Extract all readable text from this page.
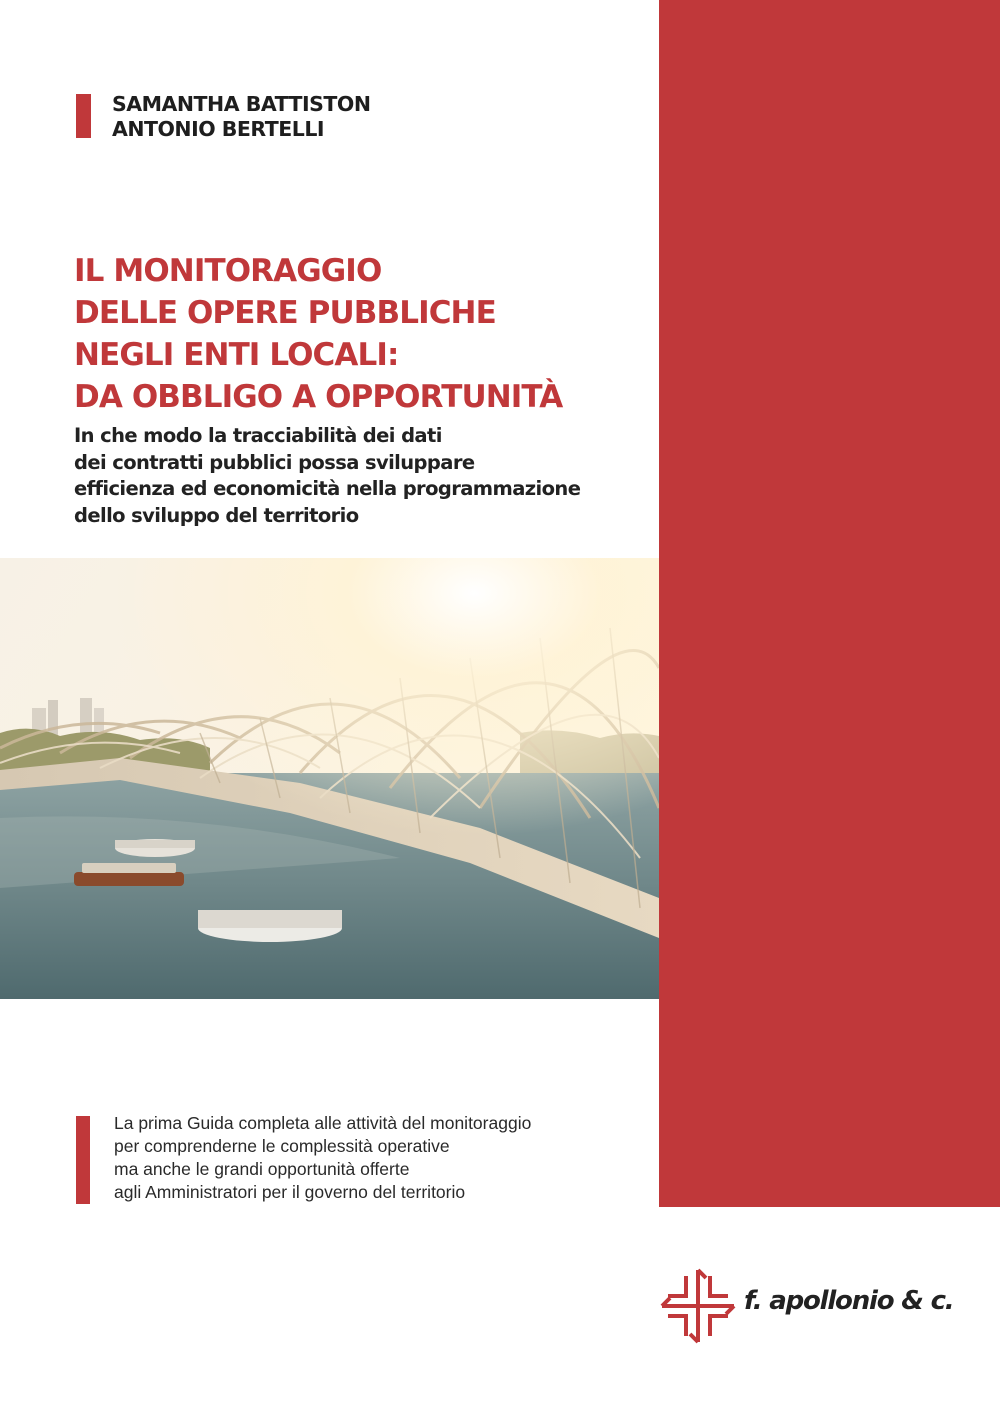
SAMANTHA BATTISTON
ANTONIO BERTELLI
IL MONITORAGGIO
DELLE OPERE PUBBLICHE
NEGLI ENTI LOCALI:
DA OBBLIGO A OPPORTUNITÀ
In che modo la tracciabilità dei dati
dei contratti pubblici possa sviluppare
efficienza ed economicità nella programmazione
dello sviluppo del territorio
La prima Guida completa alle attività del monitoraggio
per comprenderne le complessità operative
ma anche le grandi opportunità offerte
agli Amministratori per il governo del territorio
f. apollonio & c.
